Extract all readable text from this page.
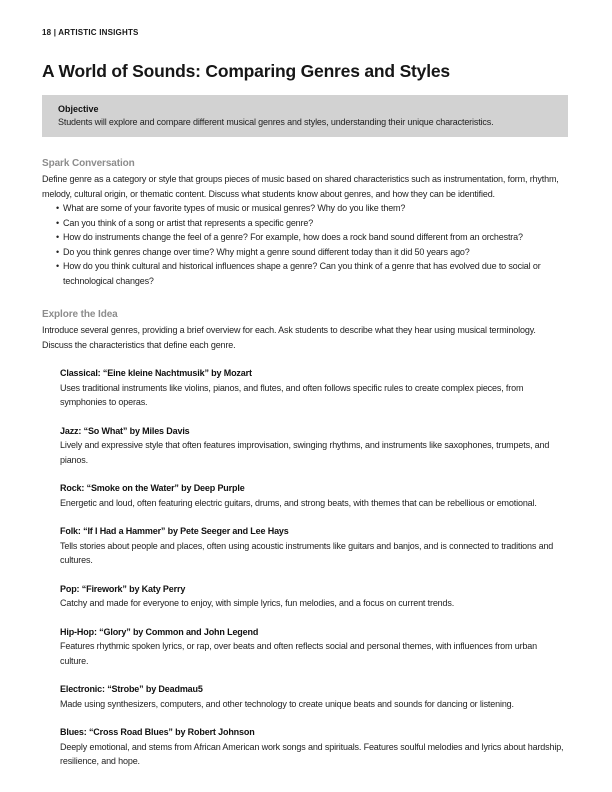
18 | ARTISTIC INSIGHTS
A World of Sounds: Comparing Genres and Styles
Objective
Students will explore and compare different musical genres and styles, understanding their unique characteristics.
Spark Conversation
Define genre as a category or style that groups pieces of music based on shared characteristics such as instrumentation, form, rhythm, melody, cultural origin, or thematic content. Discuss what students know about genres, and how they can be identified.
• What are some of your favorite types of music or musical genres? Why do you like them?
• Can you think of a song or artist that represents a specific genre?
• How do instruments change the feel of a genre? For example, how does a rock band sound different from an orchestra?
• Do you think genres change over time? Why might a genre sound different today than it did 50 years ago?
• How do you think cultural and historical influences shape a genre? Can you think of a genre that has evolved due to social or technological changes?
Explore the Idea
Introduce several genres, providing a brief overview for each. Ask students to describe what they hear using musical terminology. Discuss the characteristics that define each genre.
Classical: “Eine kleine Nachtmusik” by Mozart
Uses traditional instruments like violins, pianos, and flutes, and often follows specific rules to create complex pieces, from symphonies to operas.
Jazz: “So What” by Miles Davis
Lively and expressive style that often features improvisation, swinging rhythms, and instruments like saxophones, trumpets, and pianos.
Rock: “Smoke on the Water” by Deep Purple
Energetic and loud, often featuring electric guitars, drums, and strong beats, with themes that can be rebellious or emotional.
Folk: “If I Had a Hammer” by Pete Seeger and Lee Hays
Tells stories about people and places, often using acoustic instruments like guitars and banjos, and is connected to traditions and cultures.
Pop: “Firework” by Katy Perry
Catchy and made for everyone to enjoy, with simple lyrics, fun melodies, and a focus on current trends.
Hip-Hop: “Glory” by Common and John Legend
Features rhythmic spoken lyrics, or rap, over beats and often reflects social and personal themes, with influences from urban culture.
Electronic: “Strobe” by Deadmau5
Made using synthesizers, computers, and other technology to create unique beats and sounds for dancing or listening.
Blues: “Cross Road Blues” by Robert Johnson
Deeply emotional, and stems from African American work songs and spirituals. Features soulful melodies and lyrics about hardship, resilience, and hope.
